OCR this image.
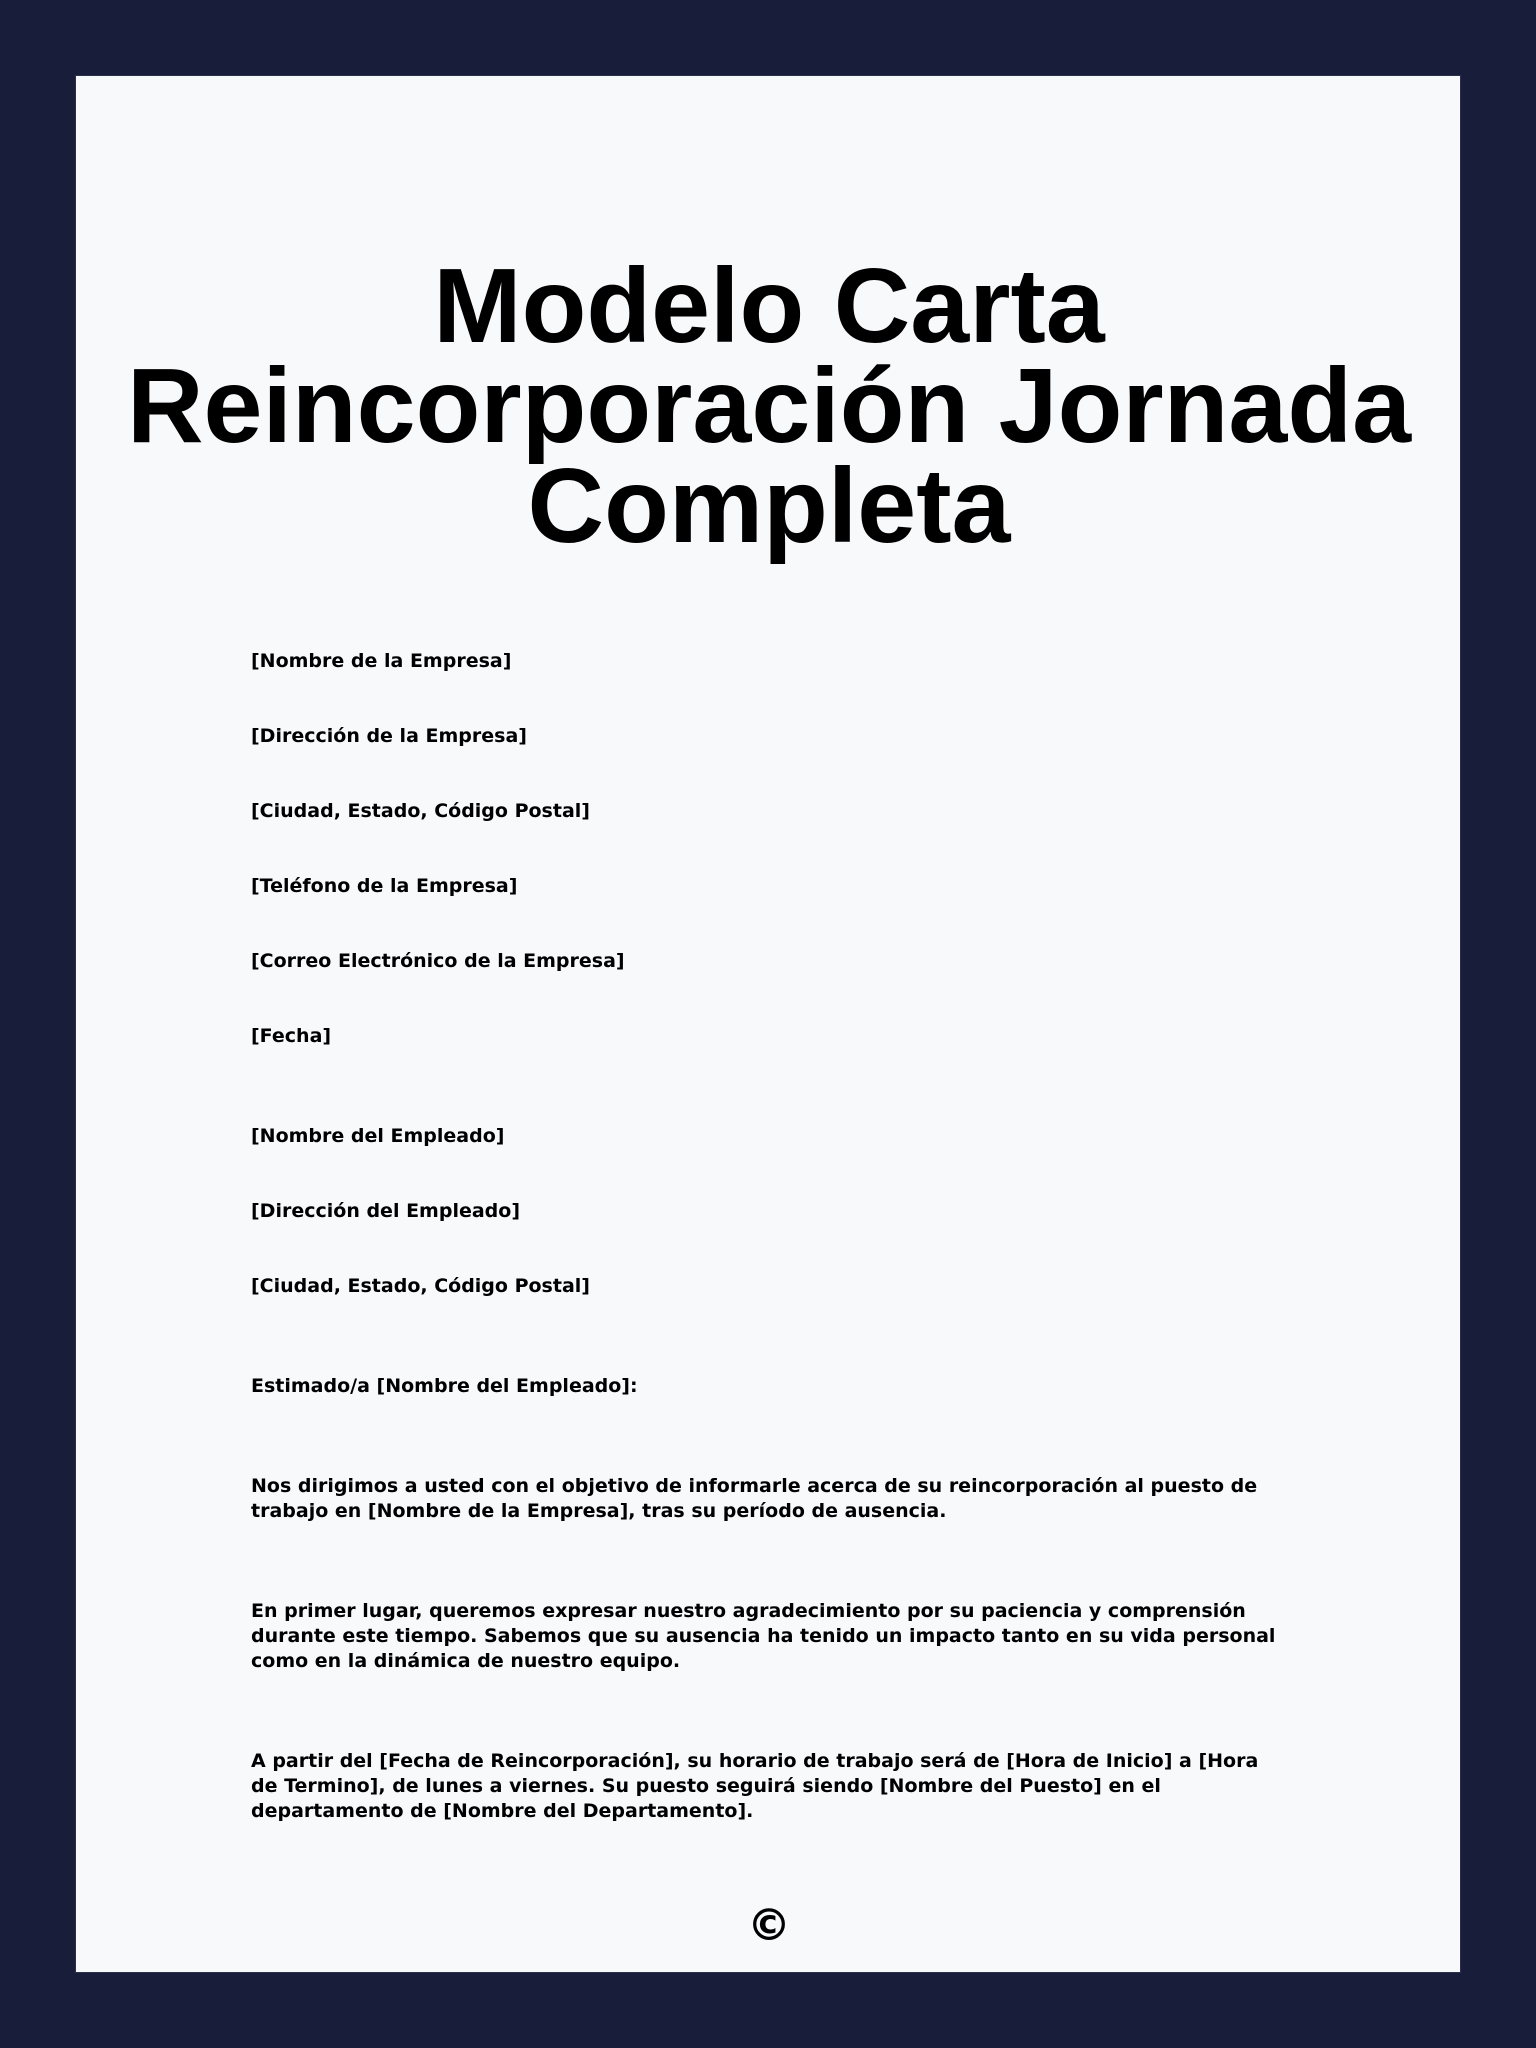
Modelo Carta Reincorporación Jornada Completa

[Nombre de la Empresa]

[Dirección de la Empresa]

[Ciudad, Estado, Código Postal]

[Teléfono de la Empresa]

[Correo Electrónico de la Empresa]

[Fecha]

[Nombre del Empleado]

[Dirección del Empleado]

[Ciudad, Estado, Código Postal]

Estimado/a [Nombre del Empleado]:

Nos dirigimos a usted con el objetivo de informarle acerca de su reincorporación al puesto de trabajo en [Nombre de la Empresa], tras su período de ausencia.

En primer lugar, queremos expresar nuestro agradecimiento por su paciencia y comprensión durante este tiempo. Sabemos que su ausencia ha tenido un impacto tanto en su vida personal como en la dinámica de nuestro equipo.

A partir del [Fecha de Reincorporación], su horario de trabajo será de [Hora de Inicio] a [Hora de Termino], de lunes a viernes. Su puesto seguirá siendo [Nombre del Puesto] en el departamento de [Nombre del Departamento].

©
